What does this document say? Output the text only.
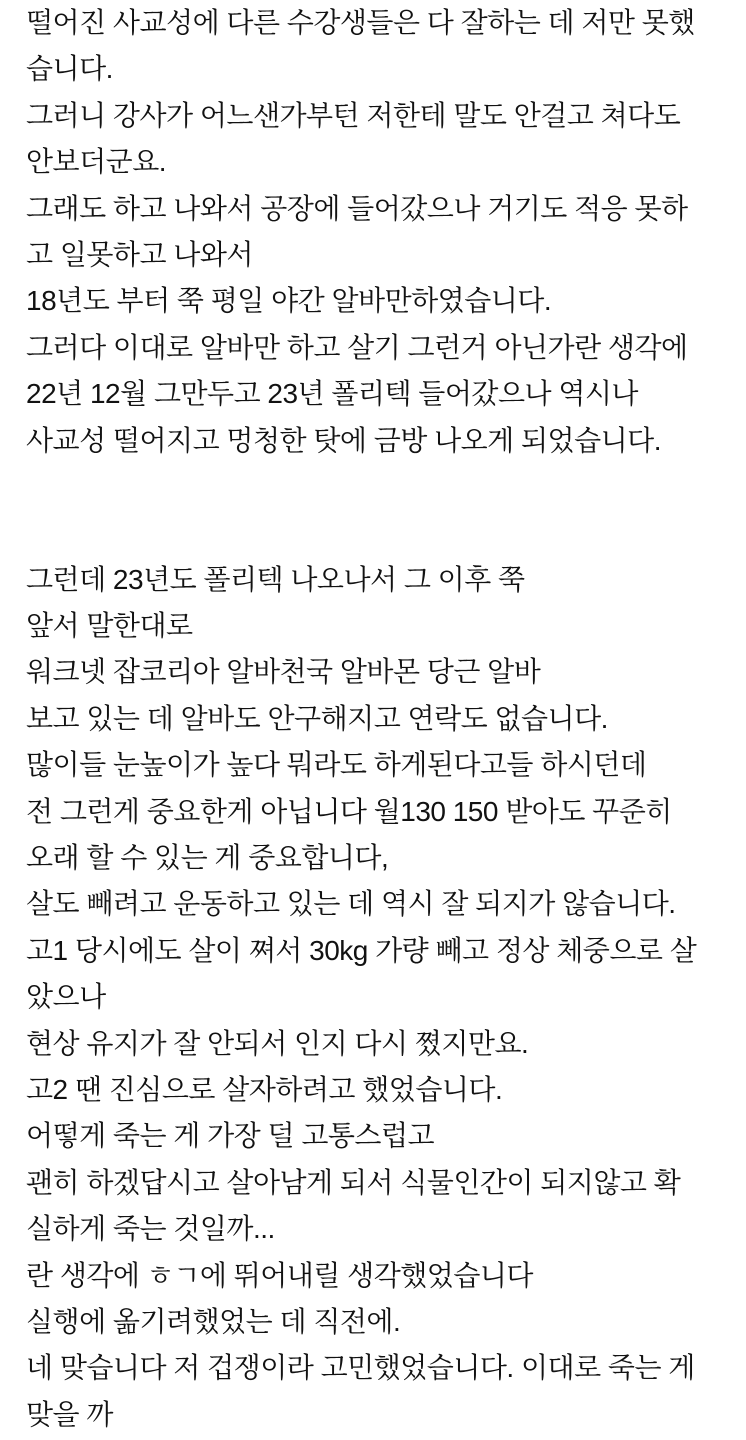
떨어진 사교성에 다른 수강생들은 다 잘하는 데 저만 못했
습니다.
그러니 강사가 어느샌가부턴 저한테 말도 안걸고 쳐다도
안보더군요.
그래도 하고 나와서 공장에 들어갔으나 거기도 적응 못하
고 일못하고 나와서
18년도 부터 쭉 평일 야간 알바만하였습니다.
그러다 이대로 알바만 하고 살기 그런거 아닌가란 생각에
22년 12월 그만두고 23년 폴리텍 들어갔으나 역시나
사교성 떨어지고 멍청한 탓에 금방 나오게 되었습니다.
그런데 23년도 폴리텍 나오나서 그 이후 쭉
앞서 말한대로
워크넷 잡코리아 알바천국 알바몬 당근 알바
보고 있는 데 알바도 안구해지고 연락도 없습니다.
많이들 눈높이가 높다 뭐라도 하게된다고들 하시던데
전 그런게 중요한게 아닙니다 월130 150 받아도 꾸준히
오래 할 수 있는 게 중요합니다,
살도 빼려고 운동하고 있는 데 역시 잘 되지가 않습니다.
고1 당시에도 살이 쪄서 30kg 가량 빼고 정상 체중으로 살
았으나
현상 유지가 잘 안되서 인지 다시 쪘지만요.
고2 땐 진심으로 살자하려고 했었습니다.
어떻게 죽는 게 가장 덜 고통스럽고
괜히 하겠답시고 살아남게 되서 식물인간이 되지않고 확
실하게 죽는 것일까...
란 생각에 ㅎㄱ에 뛰어내릴 생각했었습니다
실행에 옮기려했었는 데 직전에.
네 맞습니다 저 겁쟁이라 고민했었습니다. 이대로 죽는 게
맞을 까
